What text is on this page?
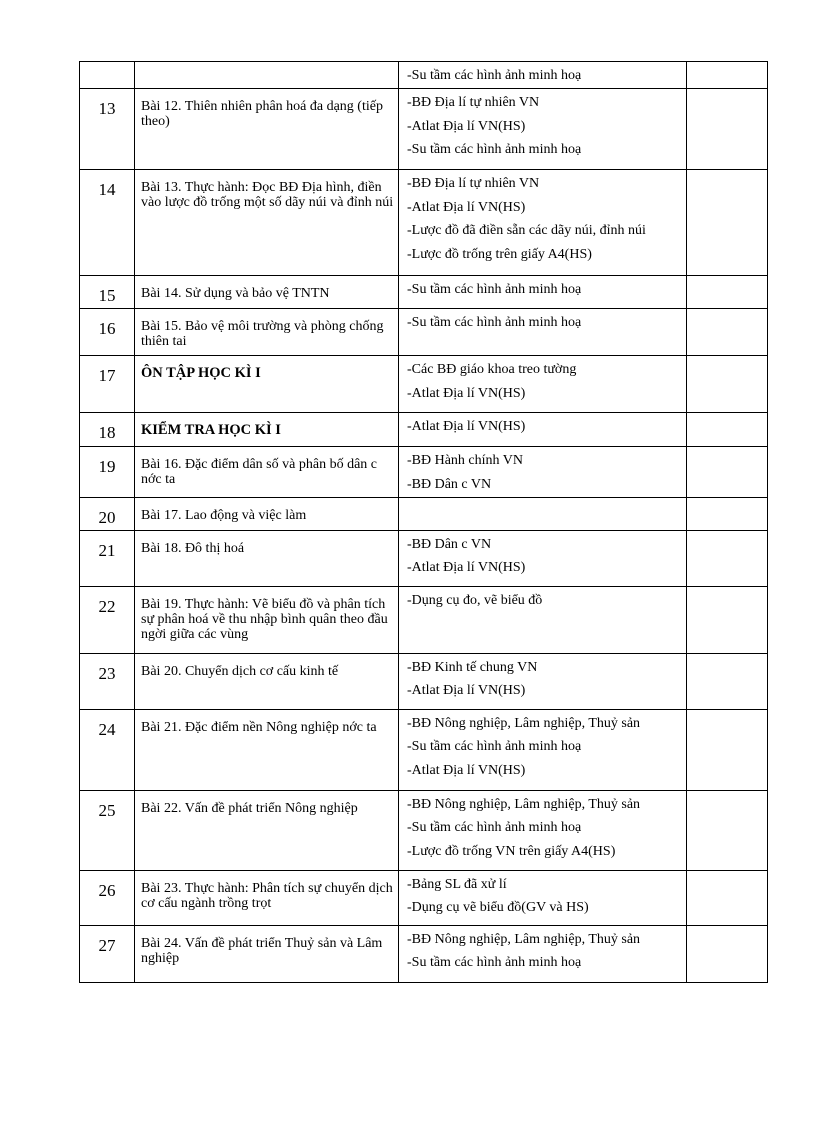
		-Su tầm các hình ảnh minh hoạ	

13	Bài 12. Thiên nhiên phân hoá đa dạng (tiếp theo)	-BĐ Địa lí tự nhiên VN
-Atlat Địa lí VN(HS)
-Su tầm các hình ảnh minh hoạ	

14	Bài 13. Thực hành: Đọc BĐ Địa hình, điền vào lược đồ trống một số dãy núi và đỉnh núi	-BĐ Địa lí tự nhiên VN
-Atlat Địa lí VN(HS)
-Lược đồ đã điền sẵn các dãy núi, đỉnh núi
-Lược đồ trống trên giấy A4(HS)	

15	Bài 14. Sử dụng và bảo vệ TNTN	-Su tầm các hình ảnh minh hoạ	

16	Bài 15. Bảo vệ môi trường và phòng chống thiên tai	-Su tầm các hình ảnh minh hoạ	

17	ÔN TẬP HỌC KÌ I	-Các BĐ giáo khoa treo tường
-Atlat Địa lí VN(HS)	

18	KIỂM TRA HỌC KÌ I	-Atlat Địa lí VN(HS)	

19	Bài 16. Đặc điểm dân số và phân bố dân c nớc ta	-BĐ Hành chính VN
-BĐ Dân c VN	

20	Bài 17. Lao động và việc làm		
21	Bài 18. Đô thị hoá	-BĐ Dân c VN
-Atlat Địa lí VN(HS)	

22	Bài 19. Thực hành: Vẽ biểu đồ và phân tích sự phân hoá về thu nhập bình quân theo đầu ngời giữa các vùng	-Dụng cụ đo, vẽ biểu đồ	

23	Bài 20. Chuyển dịch cơ cấu kinh tế	-BĐ Kinh tế chung VN
-Atlat Địa lí VN(HS)	

24	Bài 21. Đặc điểm nền Nông nghiệp nớc ta	-BĐ Nông nghiệp, Lâm nghiệp, Thuỷ sản
-Su tầm các hình ảnh minh hoạ
-Atlat Địa lí VN(HS)	

25	Bài 22. Vấn đề phát triển Nông nghiệp	-BĐ Nông nghiệp, Lâm nghiệp, Thuỷ sản
-Su tầm các hình ảnh minh hoạ
-Lược đồ trống VN trên giấy A4(HS)	

26	Bài 23. Thực hành: Phân tích sự chuyển dịch cơ cấu ngành trồng trọt	-Bảng SL đã xử lí
-Dụng cụ vẽ biểu đồ(GV và HS)	

27	Bài 24. Vấn đề phát triển Thuỷ sản và Lâm nghiệp	-BĐ Nông nghiệp, Lâm nghiệp, Thuỷ sản
-Su tầm các hình ảnh minh hoạ	
